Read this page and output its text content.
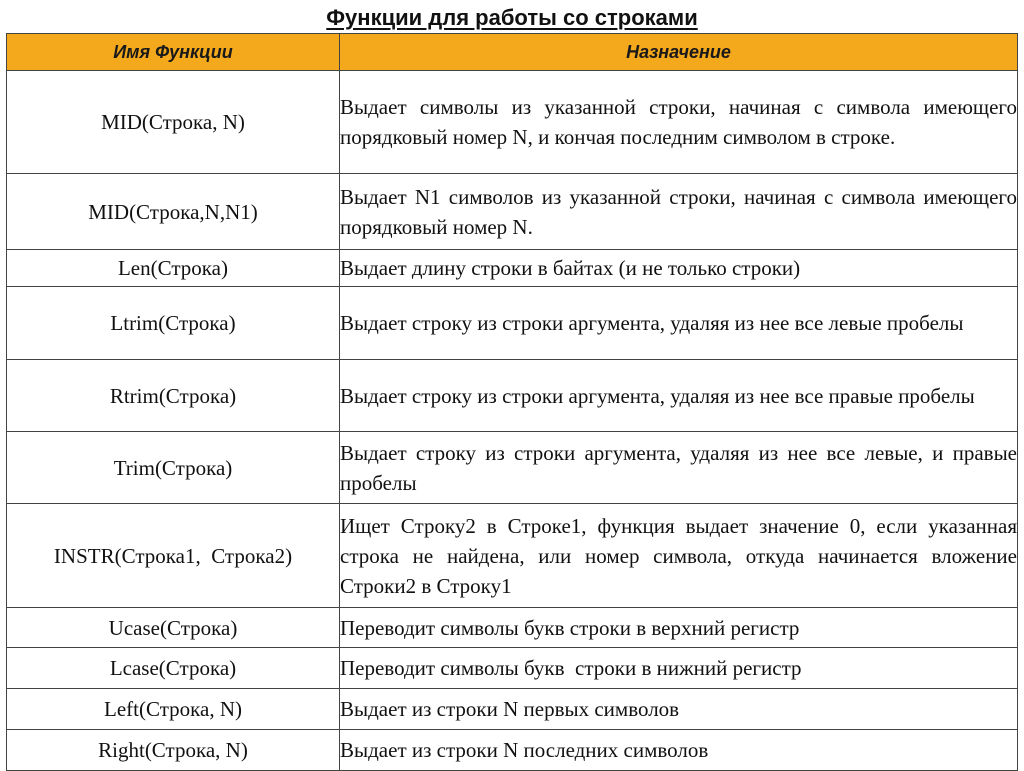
Функции для работы со строками
Имя Функции	Назначение
MID(Строка, N)	Выдает символы из указанной строки, начиная с символа имеющего порядковый номер N, и кончая последним символом в строке.
MID(Строка,N,N1)	Выдает N1 символов из указанной строки, начиная с символа имеющего порядковый номер N.
Len(Строка)	Выдает длину строки в байтах (и не только строки)
Ltrim(Строка)	Выдает строку из строки аргумента, удаляя из нее все левые пробелы
Rtrim(Строка)	Выдает строку из строки аргумента, удаляя из нее все правые пробелы
Trim(Строка)	Выдает строку из строки аргумента, удаляя из нее все левые, и правые пробелы
INSTR(Строка1,  Строка2)	Ищет Строку2 в Строке1, функция выдает значение 0, если указанная строка не найдена, или номер символа, откуда начинается вложение Строки2 в Строку1
Ucase(Строка)	Переводит символы букв строки в верхний регистр
Lcase(Строка)	Переводит символы букв  строки в нижний регистр
Left(Строка, N)	Выдает из строки N первых символов
Right(Строка, N)	Выдает из строки N последних символов
